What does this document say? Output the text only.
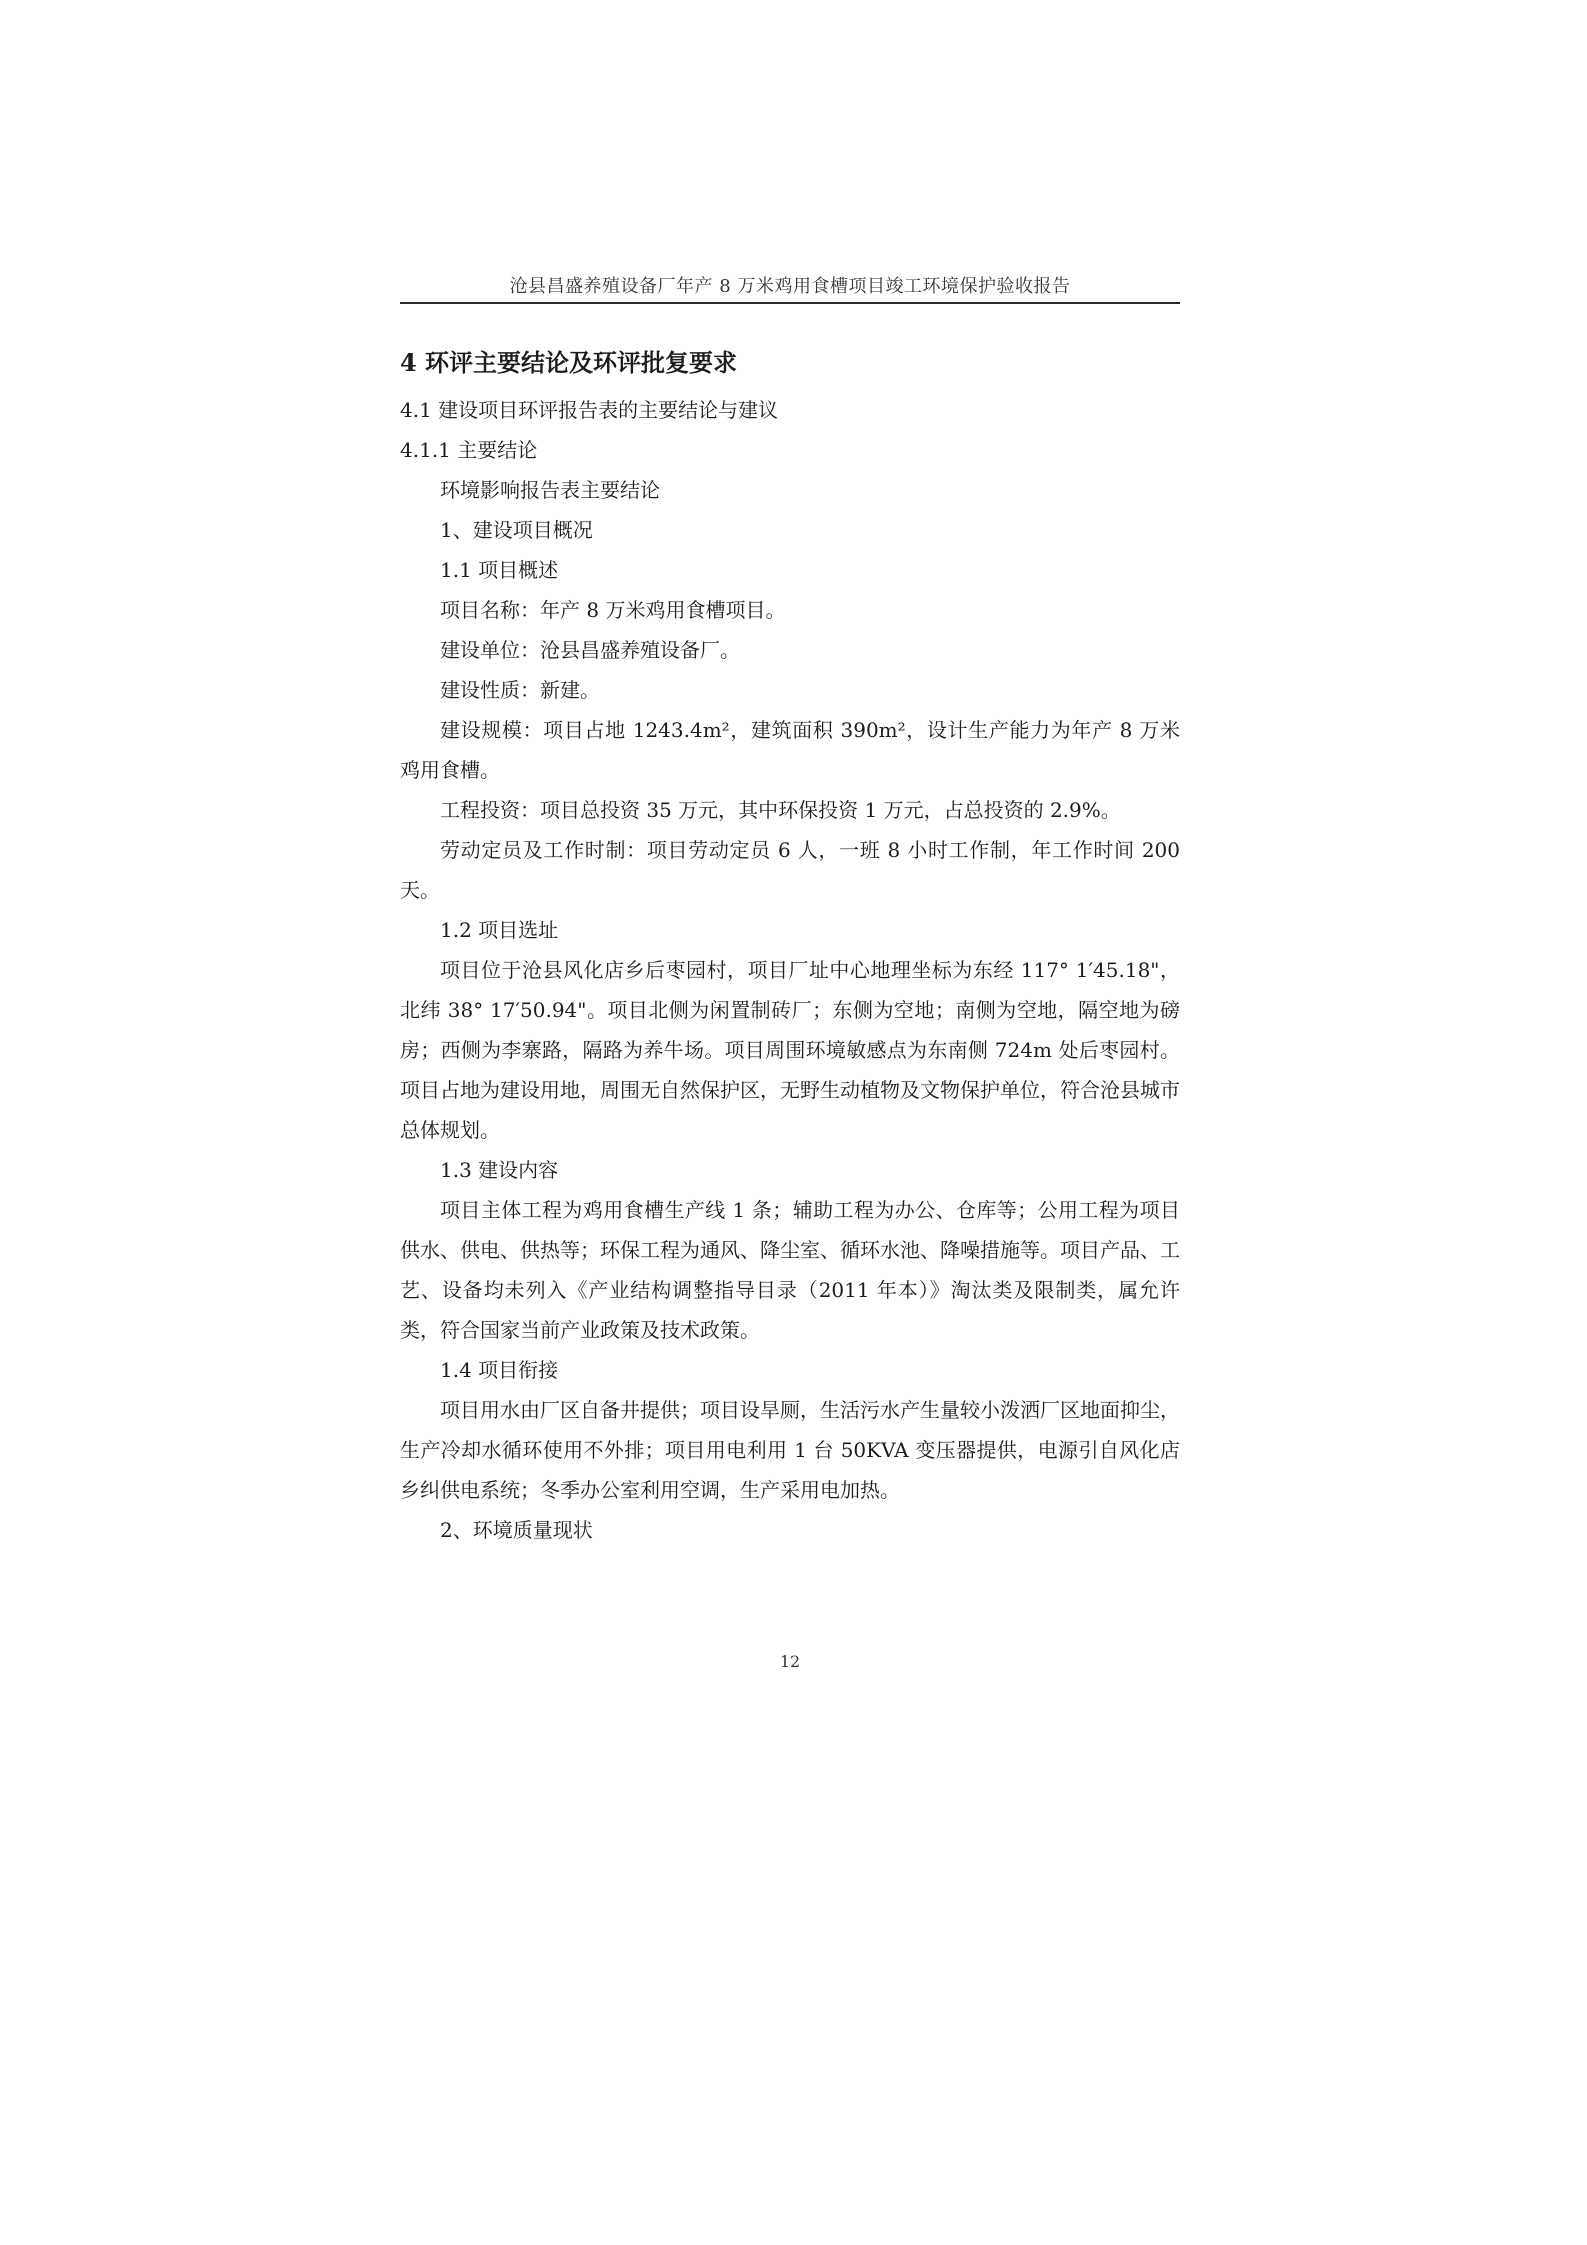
沧县昌盛养殖设备厂年产 8 万米鸡用食槽项目竣工环境保护验收报告

4 环评主要结论及环评批复要求

4.1 建设项目环评报告表的主要结论与建议

4.1.1 主要结论

环境影响报告表主要结论

1、建设项目概况

1.1 项目概述

项目名称：年产 8 万米鸡用食槽项目。

建设单位：沧县昌盛养殖设备厂。

建设性质：新建。

建设规模：项目占地 1243.4m²，建筑面积 390m²，设计生产能力为年产 8 万米鸡用食槽。

工程投资：项目总投资 35 万元，其中环保投资 1 万元，占总投资的 2.9%。

劳动定员及工作时制：项目劳动定员 6 人，一班 8 小时工作制，年工作时间 200 天。

1.2 项目选址

项目位于沧县风化店乡后枣园村，项目厂址中心地理坐标为东经 117° 1′45.18"，北纬 38° 17′50.94"。项目北侧为闲置制砖厂；东侧为空地；南侧为空地，隔空地为磅房；西侧为李寨路，隔路为养牛场。项目周围环境敏感点为东南侧 724m 处后枣园村。项目占地为建设用地，周围无自然保护区，无野生动植物及文物保护单位，符合沧县城市总体规划。

1.3 建设内容

项目主体工程为鸡用食槽生产线 1 条；辅助工程为办公、仓库等；公用工程为项目供水、供电、供热等；环保工程为通风、降尘室、循环水池、降噪措施等。项目产品、工艺、设备均未列入《产业结构调整指导目录（2011 年本）》淘汰类及限制类，属允许类，符合国家当前产业政策及技术政策。

1.4 项目衔接

项目用水由厂区自备井提供；项目设旱厕，生活污水产生量较小泼洒厂区地面抑尘，生产冷却水循环使用不外排；项目用电利用 1 台 50KVA 变压器提供，电源引自风化店乡纠供电系统；冬季办公室利用空调，生产采用电加热。

2、环境质量现状

12
